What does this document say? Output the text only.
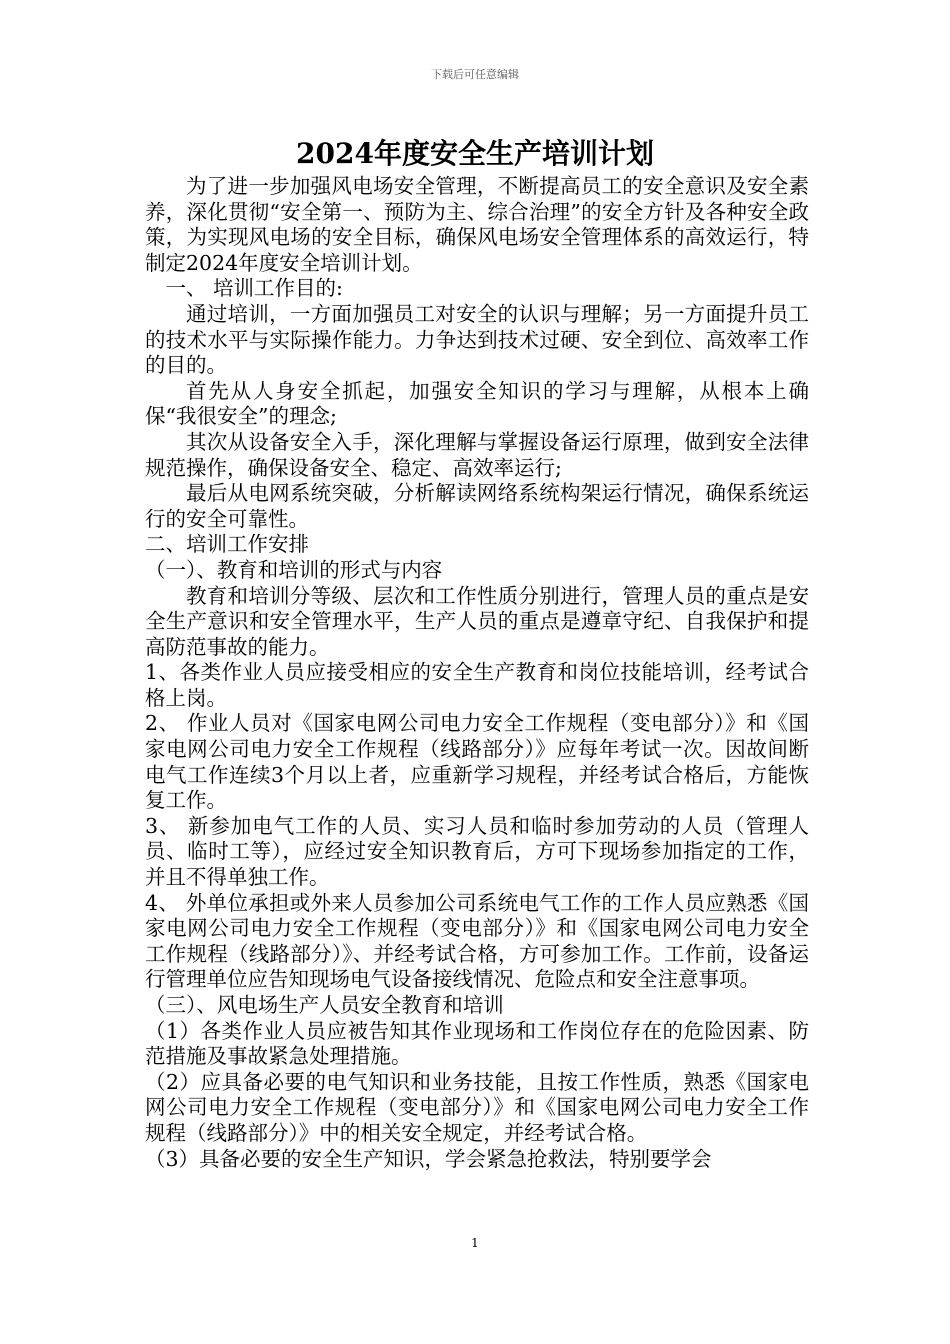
下载后可任意编辑
2024年度安全生产培训计划

为了进一步加强风电场安全管理，不断提高员工的安全意识及安全素养，深化贯彻“安全第一、预防为主、综合治理”的安全方针及各种安全政策，为实现风电场的安全目标，确保风电场安全管理体系的高效运行，特制定2024年度安全培训计划。

一、 培训工作目的:

通过培训，一方面加强员工对安全的认识与理解；另一方面提升员工的技术水平与实际操作能力。力争达到技术过硬、安全到位、高效率工作的目的。

首先从人身安全抓起，加强安全知识的学习与理解，从根本上确保“我很安全”的理念;

其次从设备安全入手，深化理解与掌握设备运行原理，做到安全法律规范操作，确保设备安全、稳定、高效率运行;

最后从电网系统突破，分析解读网络系统构架运行情况，确保系统运行的安全可靠性。

二、培训工作安排

（一）、教育和培训的形式与内容

教育和培训分等级、层次和工作性质分别进行，管理人员的重点是安全生产意识和安全管理水平，生产人员的重点是遵章守纪、自我保护和提高防范事故的能力。

1、各类作业人员应接受相应的安全生产教育和岗位技能培训，经考试合格上岗。

2、 作业人员对《国家电网公司电力安全工作规程（变电部分）》和《国家电网公司电力安全工作规程（线路部分）》应每年考试一次。因故间断电气工作连续3个月以上者，应重新学习规程，并经考试合格后，方能恢复工作。

3、 新参加电气工作的人员、实习人员和临时参加劳动的人员（管理人员、临时工等），应经过安全知识教育后，方可下现场参加指定的工作，并且不得单独工作。

4、 外单位承担或外来人员参加公司系统电气工作的工作人员应熟悉《国家电网公司电力安全工作规程（变电部分）》和《国家电网公司电力安全工作规程（线路部分）》、并经考试合格，方可参加工作。工作前，设备运行管理单位应告知现场电气设备接线情况、危险点和安全注意事项。

（三）、风电场生产人员安全教育和培训

（1）各类作业人员应被告知其作业现场和工作岗位存在的危险因素、防范措施及事故紧急处理措施。

（2）应具备必要的电气知识和业务技能，且按工作性质，熟悉《国家电网公司电力安全工作规程（变电部分）》和《国家电网公司电力安全工作规程（线路部分）》中的相关安全规定，并经考试合格。

（3）具备必要的安全生产知识，学会紧急抢救法，特别要学会

1
